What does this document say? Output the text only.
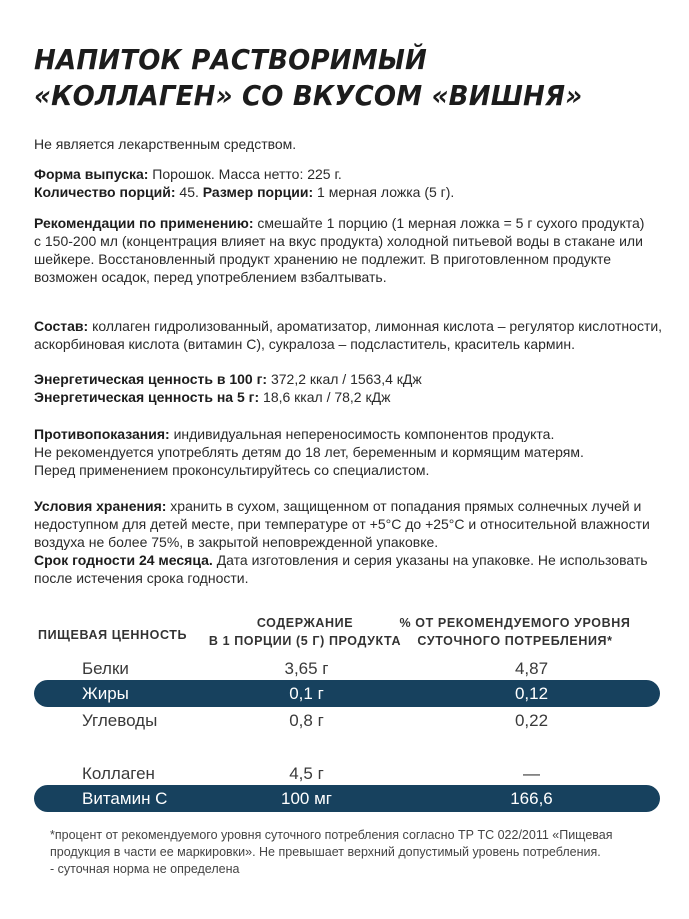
НАПИТОК РАСТВОРИМЫЙ
«КОЛЛАГЕН» СО ВКУСОМ «ВИШНЯ»
Не является лекарственным средством.
Форма выпуска: Порошок. Масса нетто: 225 г.
Количество порций: 45. Размер порции: 1 мерная ложка (5 г).
Рекомендации по применению: смешайте 1 порцию (1 мерная ложка = 5 г сухого продукта)
с 150-200 мл (концентрация влияет на вкус продукта) холодной питьевой воды в стакане или
шейкере. Восстановленный продукт хранению не подлежит. В приготовленном продукте
возможен осадок, перед употреблением взбалтывать.
Состав: коллаген гидролизованный, ароматизатор, лимонная кислота – регулятор кислотности,
аскорбиновая кислота (витамин С), сукралоза – подсластитель, краситель кармин.
Энергетическая ценность в 100 г: 372,2 ккал / 1563,4 кДж
Энергетическая ценность на 5 г: 18,6 ккал / 78,2 кДж
Противопоказания: индивидуальная непереносимость компонентов продукта.
Не рекомендуется употреблять детям до 18 лет, беременным и кормящим матерям.
Перед применением проконсультируйтесь со специалистом.
Условия хранения: хранить в сухом, защищенном от попадания прямых солнечных лучей и
недоступном для детей месте, при температуре от +5°С до +25°С и относительной влажности
воздуха не более 75%, в закрытой неповрежденной упаковке.
Срок годности 24 месяца. Дата изготовления и серия указаны на упаковке. Не использовать
после истечения срока годности.
ПИЩЕВАЯ ЦЕННОСТЬ
СОДЕРЖАНИЕ
В 1 ПОРЦИИ (5 Г) ПРОДУКТА
% ОТ РЕКОМЕНДУЕМОГО УРОВНЯ
СУТОЧНОГО ПОТРЕБЛЕНИЯ*
Белки	3,65 г	4,87
Жиры	0,1 г	0,12
Углеводы	0,8 г	0,22
Коллаген	4,5 г	—
Витамин С	100 мг	166,6
*процент от рекомендуемого уровня суточного потребления согласно ТР ТС 022/2011 «Пищевая
продукция в части ее маркировки». Не превышает верхний допустимый уровень потребления.
- суточная норма не определена
